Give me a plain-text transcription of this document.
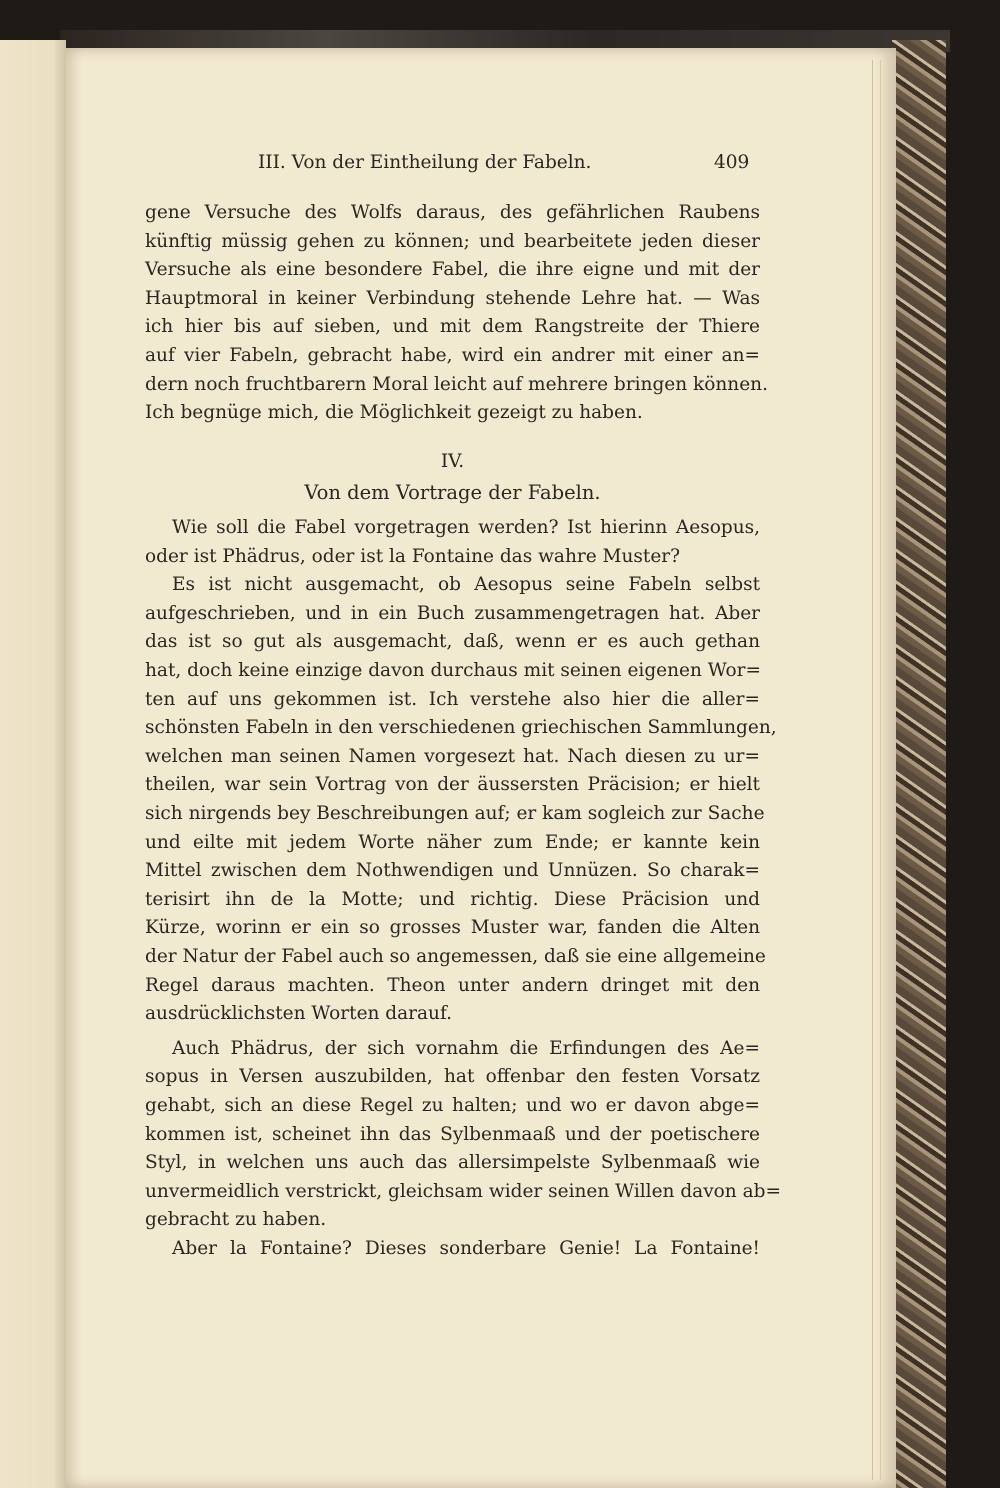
III. Von der Eintheilung der Fabeln.	409
IV.
Von dem Vortrage der Fabeln.
gene Versuche des Wolfs daraus, des gefährlichen Raubens
künftig müssig gehen zu können; und bearbeitete jeden dieser
Versuche als eine besondere Fabel, die ihre eigne und mit der
Hauptmoral in keiner Verbindung stehende Lehre hat. — Was
ich hier bis auf sieben, und mit dem Rangstreite der Thiere
auf vier Fabeln, gebracht habe, wird ein andrer mit einer an=
dern noch fruchtbarern Moral leicht auf mehrere bringen können.
Ich begnüge mich, die Möglichkeit gezeigt zu haben.
Wie soll die Fabel vorgetragen werden? Ist hierinn Aesopus,
oder ist Phädrus, oder ist la Fontaine das wahre Muster?
Es ist nicht ausgemacht, ob Aesopus seine Fabeln selbst
aufgeschrieben, und in ein Buch zusammengetragen hat. Aber
das ist so gut als ausgemacht, daß, wenn er es auch gethan
hat, doch keine einzige davon durchaus mit seinen eigenen Wor=
ten auf uns gekommen ist. Ich verstehe also hier die aller=
schönsten Fabeln in den verschiedenen griechischen Sammlungen,
welchen man seinen Namen vorgesezt hat. Nach diesen zu ur=
theilen, war sein Vortrag von der äussersten Präcision; er hielt
sich nirgends bey Beschreibungen auf; er kam sogleich zur Sache
und eilte mit jedem Worte näher zum Ende; er kannte kein
Mittel zwischen dem Nothwendigen und Unnüzen. So charak=
terisirt ihn de la Motte; und richtig. Diese Präcision und
Kürze, worinn er ein so grosses Muster war, fanden die Alten
der Natur der Fabel auch so angemessen, daß sie eine allgemeine
Regel daraus machten. Theon unter andern dringet mit den
ausdrücklichsten Worten darauf.
Auch Phädrus, der sich vornahm die Erfindungen des Ae=
sopus in Versen auszubilden, hat offenbar den festen Vorsatz
gehabt, sich an diese Regel zu halten; und wo er davon abge=
kommen ist, scheinet ihn das Sylbenmaaß und der poetischere
Styl, in welchen uns auch das allersimpelste Sylbenmaaß wie
unvermeidlich verstrickt, gleichsam wider seinen Willen davon ab=
gebracht zu haben.
Aber la Fontaine? Dieses sonderbare Genie! La Fontaine!
